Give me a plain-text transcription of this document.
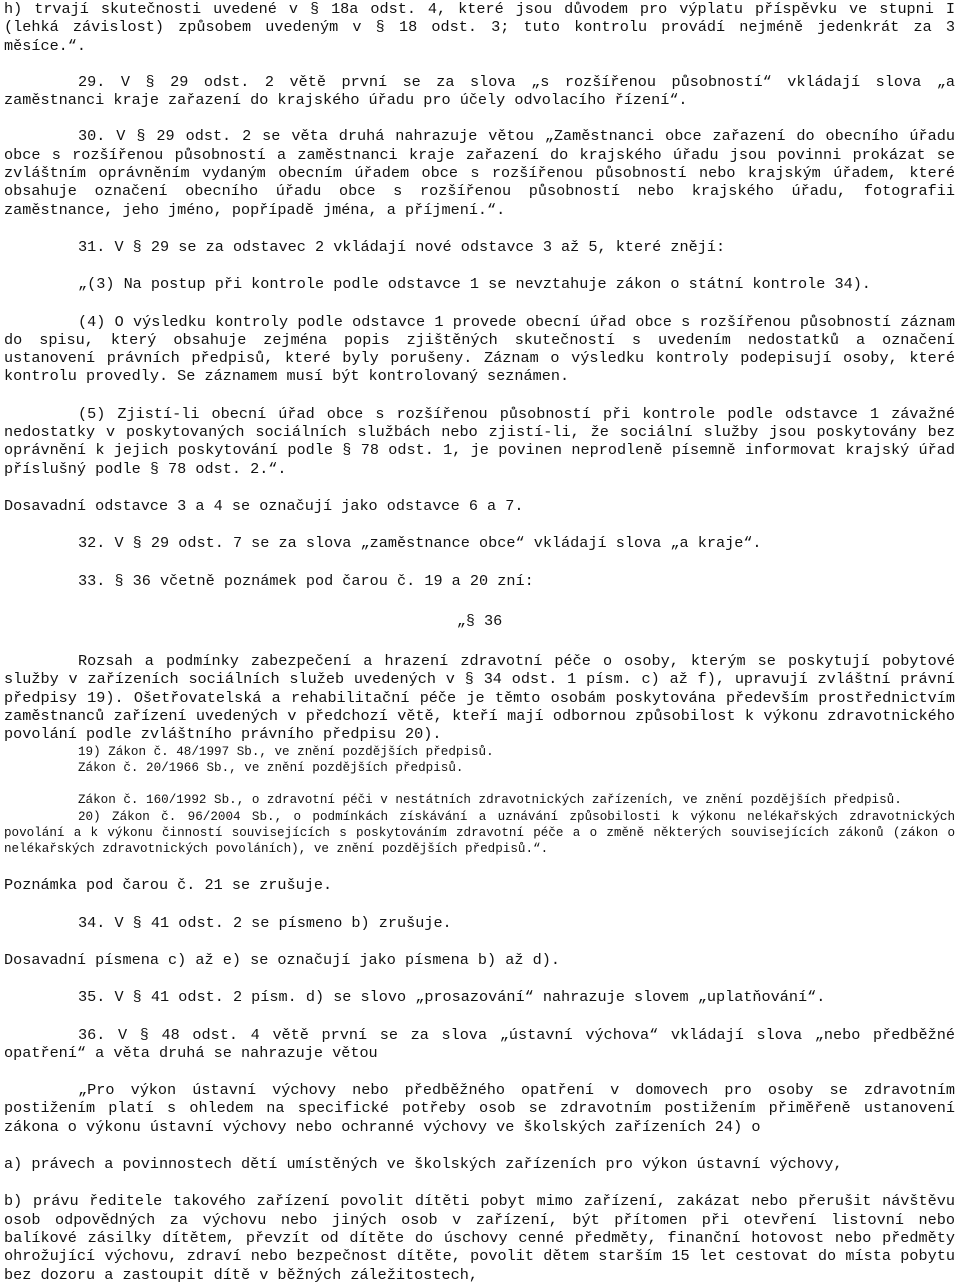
h) trvají skutečnosti uvedené v § 18a odst. 4, které jsou důvodem pro výplatu příspěvku ve stupni I (lehká závislost) způsobem uvedeným v § 18 odst. 3; tuto kontrolu provádí nejméně jedenkrát za 3 měsíce.“.

29. V § 29 odst. 2 větě první se za slova „s rozšířenou působností“ vkládají slova „a zaměstnanci kraje zařazení do krajského úřadu pro účely odvolacího řízení“.

30. V § 29 odst. 2 se věta druhá nahrazuje větou „Zaměstnanci obce zařazení do obecního úřadu obce s rozšířenou působností a zaměstnanci kraje zařazení do krajského úřadu jsou povinni prokázat se zvláštním oprávněním vydaným obecním úřadem obce s rozšířenou působností nebo krajským úřadem, které obsahuje označení obecního úřadu obce s rozšířenou působností nebo krajského úřadu, fotografii zaměstnance, jeho jméno, popřípadě jména, a příjmení.“.

31. V § 29 se za odstavec 2 vkládají nové odstavce 3 až 5, které znějí:

„(3) Na postup při kontrole podle odstavce 1 se nevztahuje zákon o státní kontrole 34).

(4) O výsledku kontroly podle odstavce 1 provede obecní úřad obce s rozšířenou působností záznam do spisu, který obsahuje zejména popis zjištěných skutečností s uvedením nedostatků a označení ustanovení právních předpisů, které byly porušeny. Záznam o výsledku kontroly podepisují osoby, které kontrolu provedly. Se záznamem musí být kontrolovaný seznámen.

(5) Zjistí-li obecní úřad obce s rozšířenou působností při kontrole podle odstavce 1 závažné nedostatky v poskytovaných sociálních službách nebo zjistí-li, že sociální služby jsou poskytovány bez oprávnění k jejich poskytování podle § 78 odst. 1, je povinen neprodleně písemně informovat krajský úřad příslušný podle § 78 odst. 2.“.

Dosavadní odstavce 3 a 4 se označují jako odstavce 6 a 7.

32. V § 29 odst. 7 se za slova „zaměstnance obce“ vkládají slova „a kraje“.

33. § 36 včetně poznámek pod čarou č. 19 a 20 zní:

„§ 36

Rozsah a podmínky zabezpečení a hrazení zdravotní péče o osoby, kterým se poskytují pobytové služby v zařízeních sociálních služeb uvedených v § 34 odst. 1 písm. c) až f), upravují zvláštní právní předpisy 19). Ošetřovatelská a rehabilitační péče je těmto osobám poskytována především prostřednictvím zaměstnanců zařízení uvedených v předchozí větě, kteří mají odbornou způsobilost k výkonu zdravotnického povolání podle zvláštního právního předpisu 20).

19) Zákon č. 48/1997 Sb., ve znění pozdějších předpisů.

Zákon č. 20/1966 Sb., ve znění pozdějších předpisů.

Zákon č. 160/1992 Sb., o zdravotní péči v nestátních zdravotnických zařízeních, ve znění pozdějších předpisů.

20) Zákon č. 96/2004 Sb., o podmínkách získávání a uznávání způsobilosti k výkonu nelékařských zdravotnických povolání a k výkonu činností souvisejících s poskytováním zdravotní péče a o změně některých souvisejících zákonů (zákon o nelékařských zdravotnických povoláních), ve znění pozdějších předpisů.“.

Poznámka pod čarou č. 21 se zrušuje.

34. V § 41 odst. 2 se písmeno b) zrušuje.

Dosavadní písmena c) až e) se označují jako písmena b) až d).

35. V § 41 odst. 2 písm. d) se slovo „prosazování“ nahrazuje slovem „uplatňování“.

36. V § 48 odst. 4 větě první se za slova „ústavní výchova“ vkládají slova „nebo předběžné opatření“ a věta druhá se nahrazuje větou

„Pro výkon ústavní výchovy nebo předběžného opatření v domovech pro osoby se zdravotním postižením platí s ohledem na specifické potřeby osob se zdravotním postižením přiměřeně ustanovení zákona o výkonu ústavní výchovy nebo ochranné výchovy ve školských zařízeních 24) o

a) právech a povinnostech dětí umístěných ve školských zařízeních pro výkon ústavní výchovy,

b) právu ředitele takového zařízení povolit dítěti pobyt mimo zařízení, zakázat nebo přerušit návštěvu osob odpovědných za výchovu nebo jiných osob v zařízení, být přítomen při otevření listovní nebo balíkové zásilky dítětem, převzít od dítěte do úschovy cenné předměty, finanční hotovost nebo předměty ohrožující výchovu, zdraví nebo bezpečnost dítěte, povolit dětem starším 15 let cestovat do místa pobytu bez dozoru a zastoupit dítě v běžných záležitostech,
